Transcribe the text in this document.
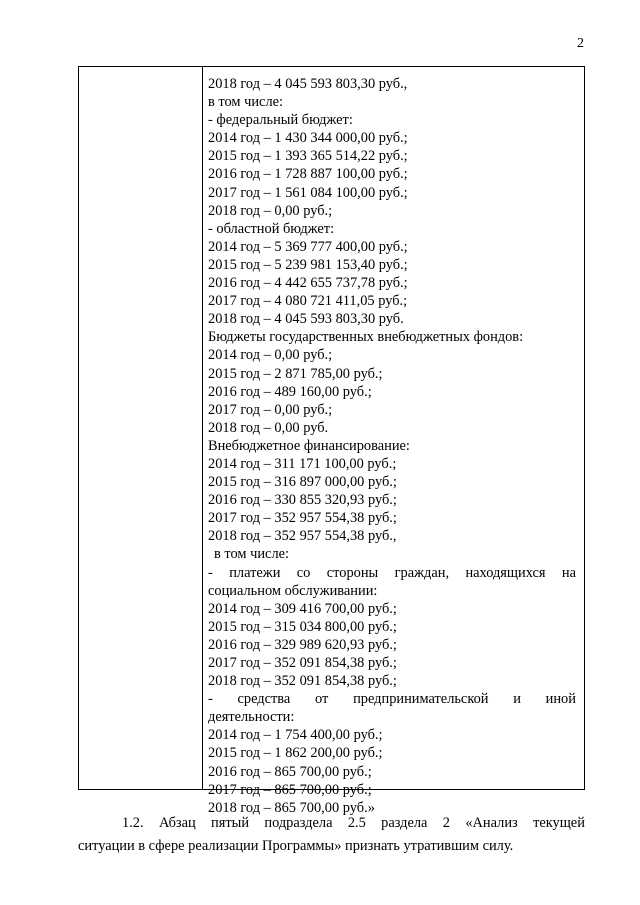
2
2018 год – 4 045 593 803,30 руб.,
в том числе:
- федеральный бюджет:
2014 год – 1 430 344 000,00 руб.;
2015 год – 1 393 365 514,22 руб.;
2016 год – 1 728 887 100,00 руб.;
2017 год – 1 561 084 100,00 руб.;
2018 год – 0,00 руб.;
- областной бюджет:
2014 год – 5 369 777 400,00 руб.;
2015 год – 5 239 981 153,40 руб.;
2016 год – 4 442 655 737,78 руб.;
2017 год – 4 080 721 411,05 руб.;
2018 год – 4 045 593 803,30 руб.
Бюджеты государственных внебюджетных фондов:
2014 год – 0,00 руб.;
2015 год – 2 871 785,00 руб.;
2016 год – 489 160,00 руб.;
2017 год – 0,00 руб.;
2018 год – 0,00 руб.
Внебюджетное финансирование:
2014 год – 311 171 100,00 руб.;
2015 год – 316 897 000,00 руб.;
2016 год – 330 855 320,93 руб.;
2017 год – 352 957 554,38 руб.;
2018 год – 352 957 554,38 руб.,
в том числе:
- платежи со стороны граждан, находящихся на
социальном обслуживании:
2014 год – 309 416 700,00 руб.;
2015 год – 315 034 800,00 руб.;
2016 год – 329 989 620,93 руб.;
2017 год – 352 091 854,38 руб.;
2018 год – 352 091 854,38 руб.;
- средства от предпринимательской и иной
деятельности:
2014 год – 1 754 400,00 руб.;
2015 год – 1 862 200,00 руб.;
2016 год – 865 700,00 руб.;
2017 год – 865 700,00 руб.;
2018 год – 865 700,00 руб.»
1.2. Абзац пятый подраздела 2.5 раздела 2 «Анализ текущей
ситуации в сфере реализации Программы» признать утратившим силу.
